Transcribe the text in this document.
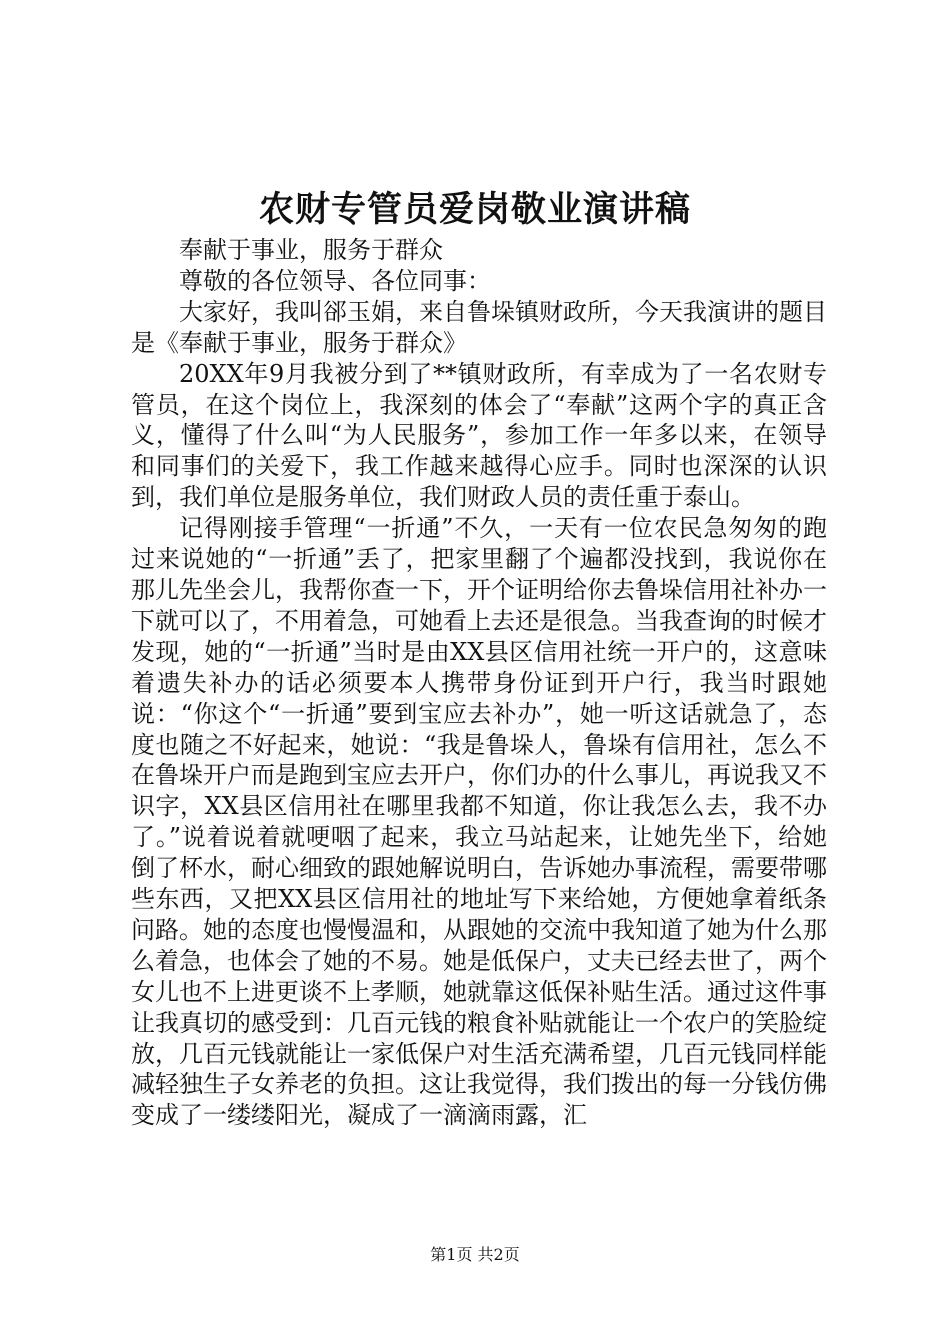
农财专管员爱岗敬业演讲稿

奉献于事业，服务于群众

尊敬的各位领导、各位同事：

大家好，我叫郤玉娟，来自鲁垛镇财政所，今天我演讲的题目是《奉献于事业，服务于群众》

20XX年9月我被分到了**镇财政所，有幸成为了一名农财专管员，在这个岗位上，我深刻的体会了“奉献”这两个字的真正含义，懂得了什么叫“为人民服务”，参加工作一年多以来，在领导和同事们的关爱下，我工作越来越得心应手。同时也深深的认识到，我们单位是服务单位，我们财政人员的责任重于泰山。

记得刚接手管理“一折通”不久，一天有一位农民急匆匆的跑过来说她的“一折通”丢了，把家里翻了个遍都没找到，我说你在那儿先坐会儿，我帮你查一下，开个证明给你去鲁垛信用社补办一下就可以了，不用着急，可她看上去还是很急。当我查询的时候才发现，她的“一折通”当时是由XX县区信用社统一开户的，这意味着遗失补办的话必须要本人携带身份证到开户行，我当时跟她说：“你这个“一折通”要到宝应去补办”，她一听这话就急了，态度也随之不好起来，她说：“我是鲁垛人，鲁垛有信用社，怎么不在鲁垛开户而是跑到宝应去开户，你们办的什么事儿，再说我又不识字，XX县区信用社在哪里我都不知道，你让我怎么去，我不办了。”说着说着就哽咽了起来，我立马站起来，让她先坐下，给她倒了杯水，耐心细致的跟她解说明白，告诉她办事流程，需要带哪些东西，又把XX县区信用社的地址写下来给她，方便她拿着纸条问路。她的态度也慢慢温和，从跟她的交流中我知道了她为什么那么着急，也体会了她的不易。她是低保户，丈夫已经去世了，两个女儿也不上进更谈不上孝顺，她就靠这低保补贴生活。通过这件事让我真切的感受到：几百元钱的粮食补贴就能让一个农户的笑脸绽放，几百元钱就能让一家低保户对生活充满希望，几百元钱同样能减轻独生子女养老的负担。这让我觉得，我们拨出的每一分钱仿佛变成了一缕缕阳光，凝成了一滴滴雨露，汇

第1页 共2页
